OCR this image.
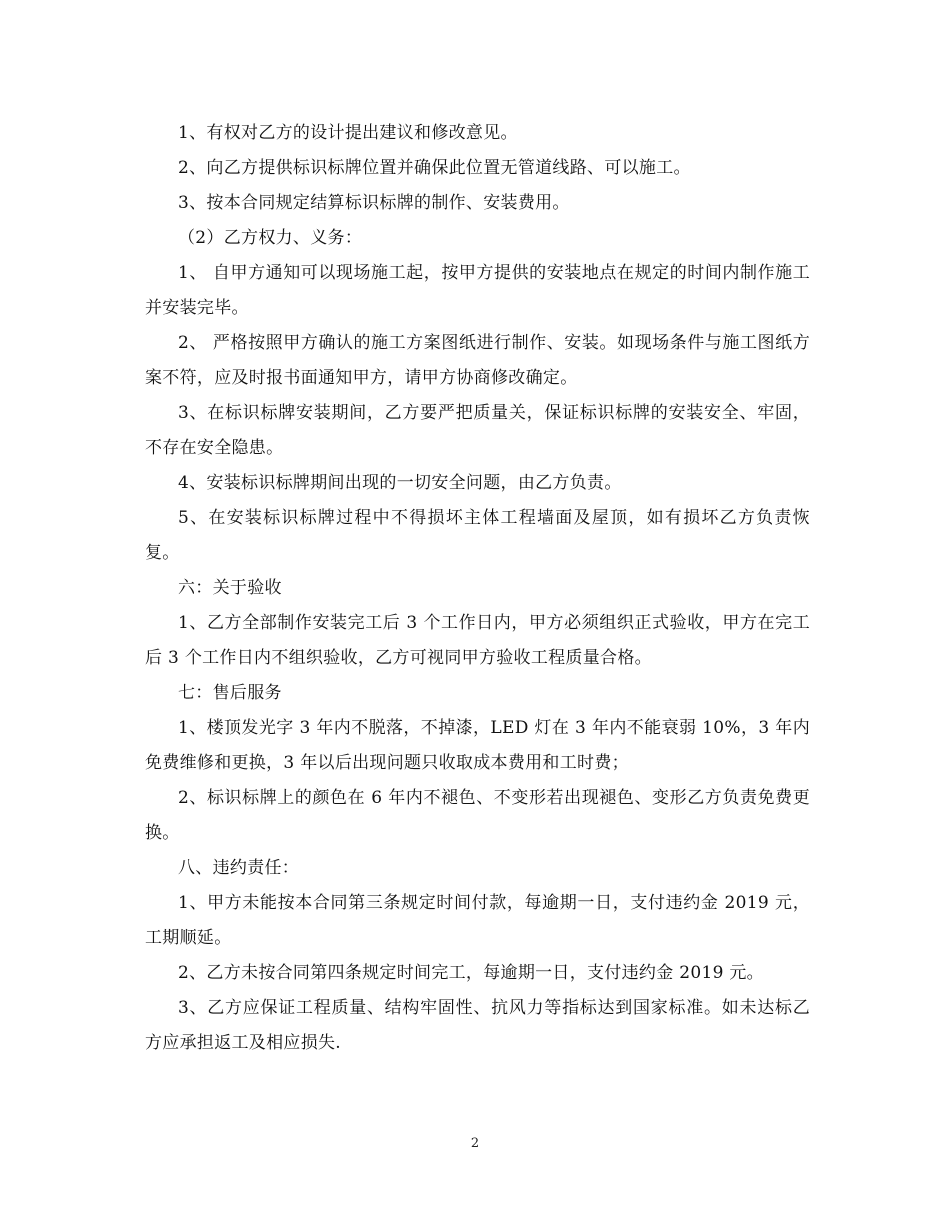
1、有权对乙方的设计提出建议和修改意见。

2、向乙方提供标识标牌位置并确保此位置无管道线路、可以施工。

3、按本合同规定结算标识标牌的制作、安装费用。

（2）乙方权力、义务：

1、 自甲方通知可以现场施工起，按甲方提供的安装地点在规定的时间内制作施工并安装完毕。

2、 严格按照甲方确认的施工方案图纸进行制作、安装。如现场条件与施工图纸方案不符，应及时报书面通知甲方，请甲方协商修改确定。

3、在标识标牌安装期间，乙方要严把质量关，保证标识标牌的安装安全、牢固，不存在安全隐患。

4、安装标识标牌期间出现的一切安全问题，由乙方负责。

5、在安装标识标牌过程中不得损坏主体工程墙面及屋顶，如有损坏乙方负责恢复。

六：关于验收

1、乙方全部制作安装完工后 3 个工作日内，甲方必须组织正式验收，甲方在完工后 3 个工作日内不组织验收，乙方可视同甲方验收工程质量合格。

七：售后服务

1、楼顶发光字 3 年内不脱落，不掉漆，LED 灯在 3 年内不能衰弱 10%，3 年内免费维修和更换，3 年以后出现问题只收取成本费用和工时费；

2、标识标牌上的颜色在 6 年内不褪色、不变形若出现褪色、变形乙方负责免费更换。

八、违约责任：

1、甲方未能按本合同第三条规定时间付款，每逾期一日，支付违约金 2019 元，工期顺延。

2、乙方未按合同第四条规定时间完工，每逾期一日，支付违约金 2019 元。

3、乙方应保证工程质量、结构牢固性、抗风力等指标达到国家标准。如未达标乙方应承担返工及相应损失.

2
